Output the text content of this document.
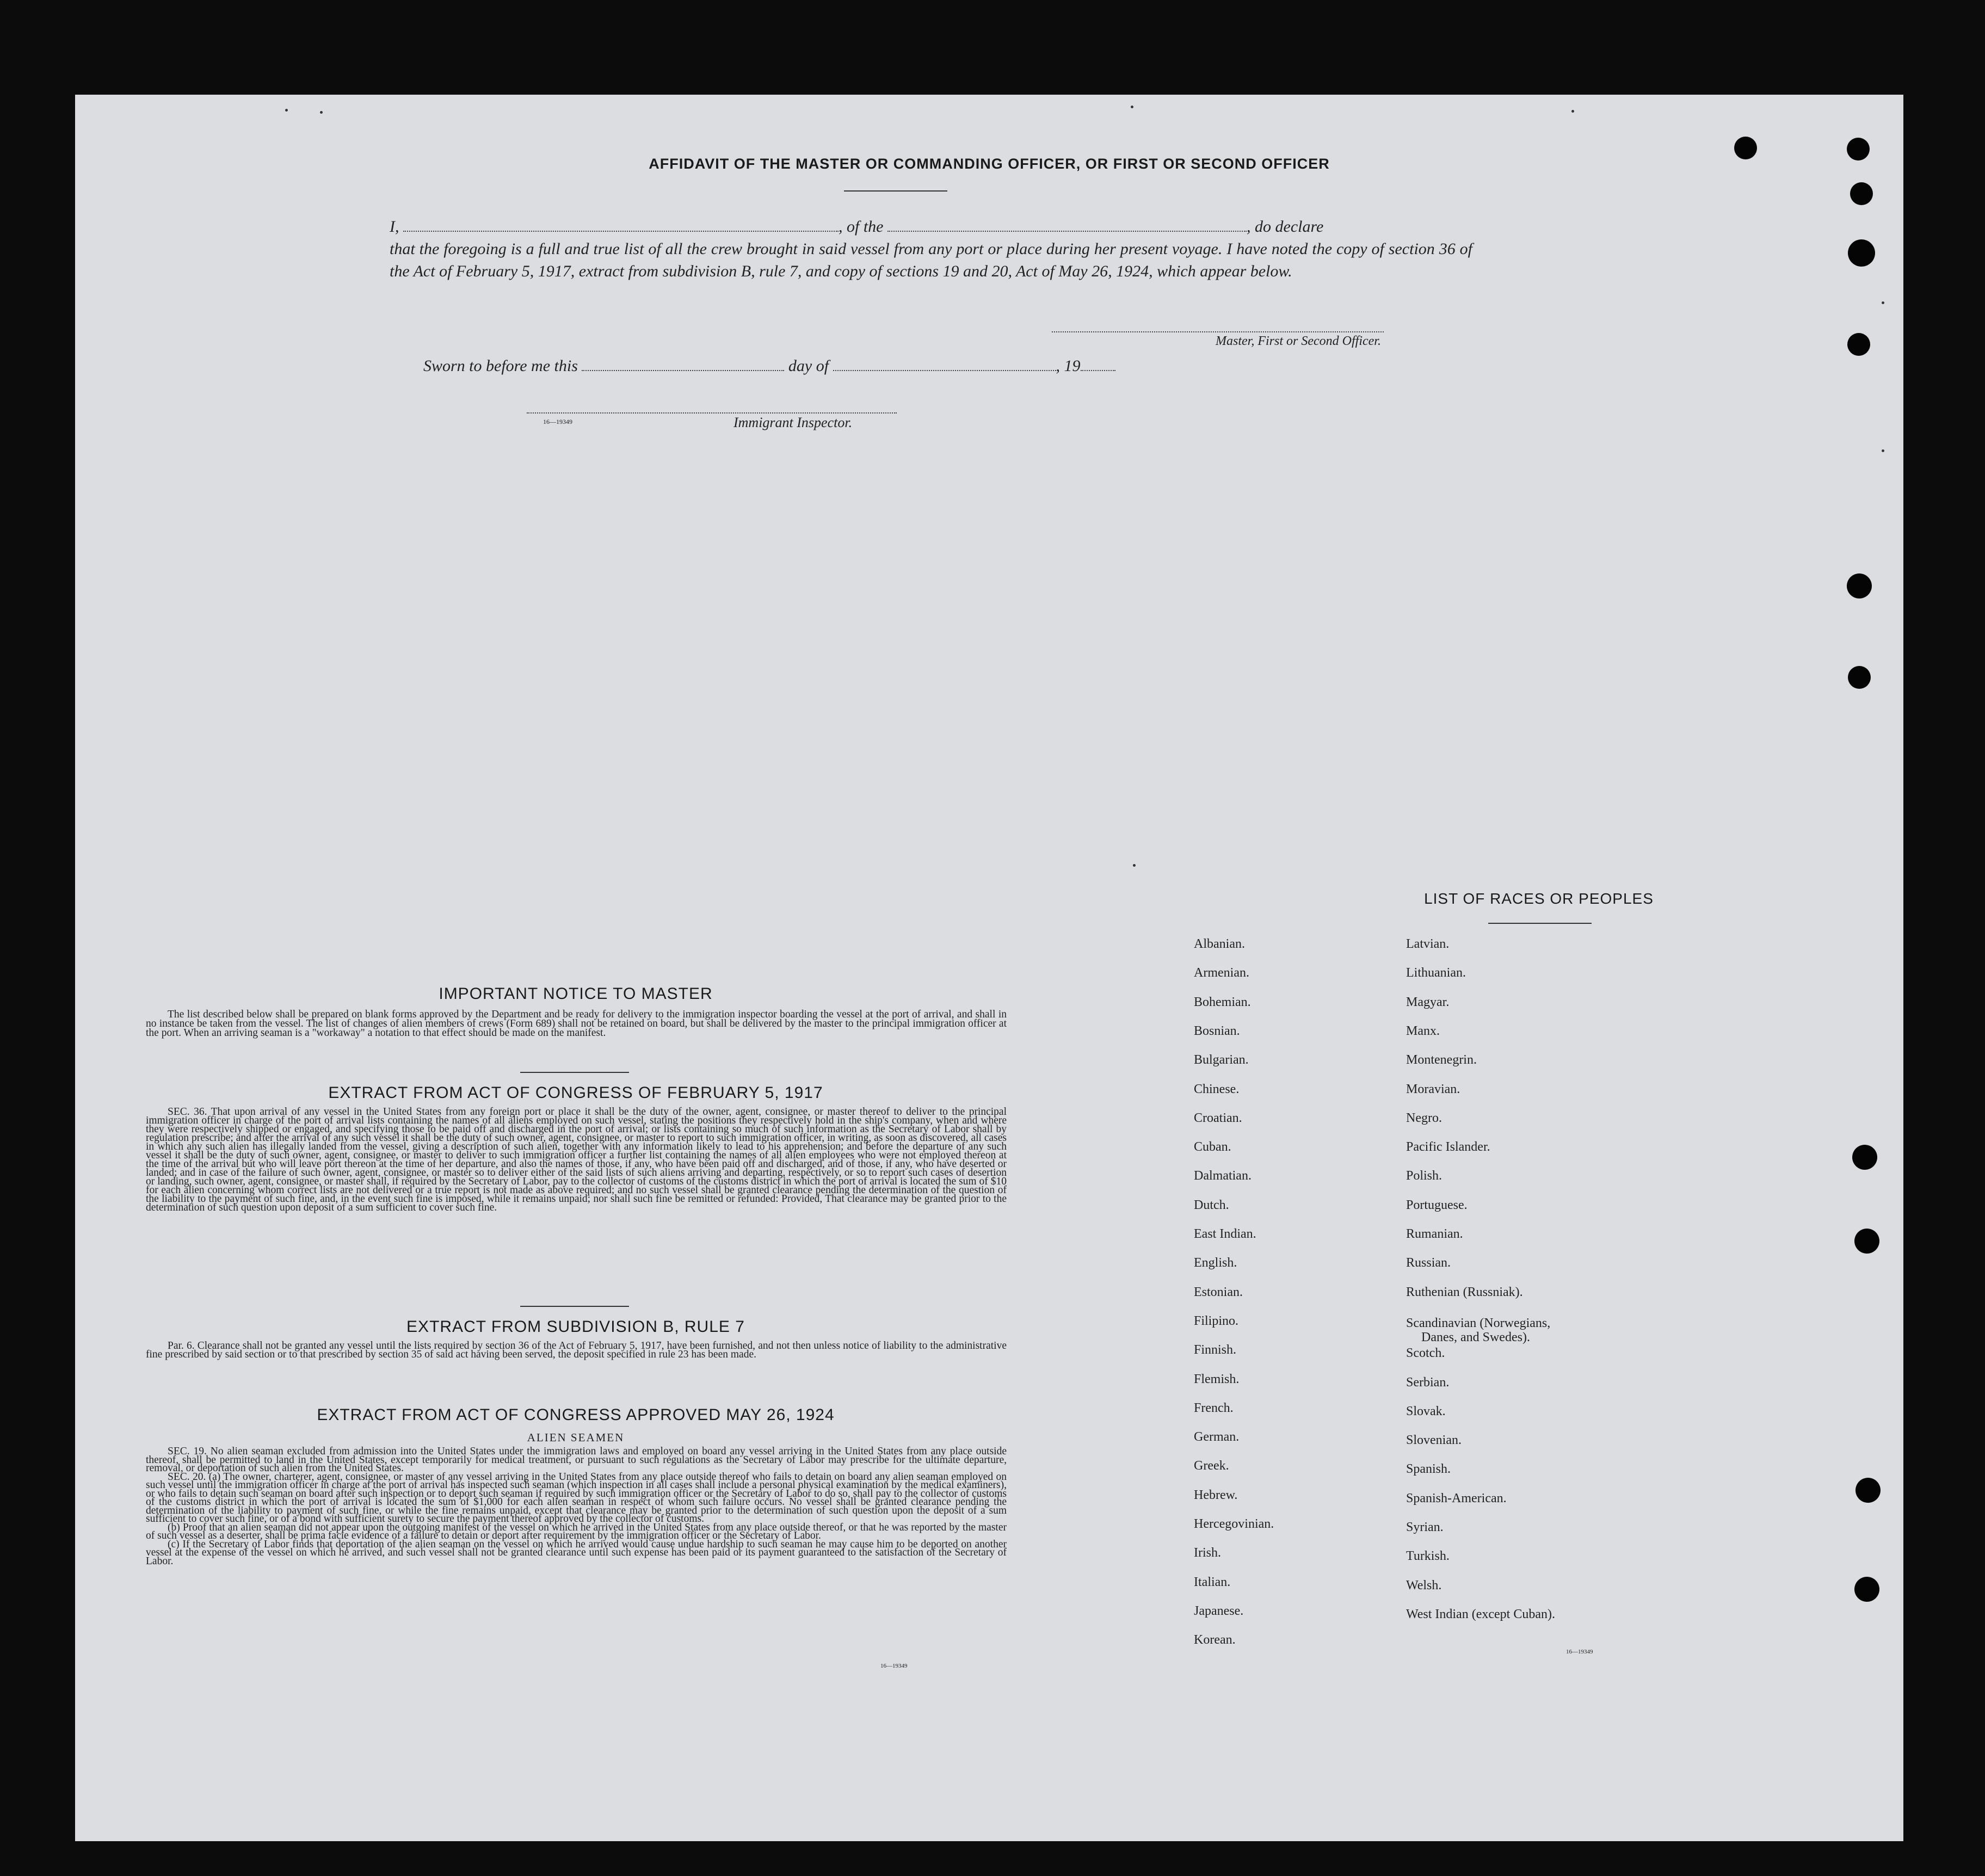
AFFIDAVIT OF THE MASTER OR COMMANDING OFFICER, OR FIRST OR SECOND OFFICER
I,	, of the	, do declare
that the foregoing is a full and true list of all the crew brought in said vessel from any port or place during her present voyage. I have noted the copy of section 36 of the Act of February 5, 1917, extract from subdivision B, rule 7, and copy of sections 19 and 20, Act of May 26, 1924, which appear below.
Master, First or Second Officer.
Sworn to before me this	day of	, 19
16—19349	Immigrant Inspector.
IMPORTANT NOTICE TO MASTER
The list described below shall be prepared on blank forms approved by the Department and be ready for delivery to the immigration inspector boarding the vessel at the port of arrival, and shall in no instance be taken from the vessel. The list of changes of alien members of crews (Form 689) shall not be retained on board, but shall be delivered by the master to the principal immigration officer at the port. When an arriving seaman is a "workaway" a notation to that effect should be made on the manifest.
EXTRACT FROM ACT OF CONGRESS OF FEBRUARY 5, 1917
SEC. 36. That upon arrival of any vessel in the United States from any foreign port or place it shall be the duty of the owner, agent, consignee, or master thereof to deliver to the principal immigration officer in charge of the port of arrival lists containing the names of all aliens employed on such vessel, stating the positions they respectively hold in the ship's company, when and where they were respectively shipped or engaged, and specifying those to be paid off and discharged in the port of arrival; or lists containing so much of such information as the Secretary of Labor shall by regulation prescribe; and after the arrival of any such vessel it shall be the duty of such owner, agent, consignee, or master to report to such immigration officer, in writing, as soon as discovered, all cases in which any such alien has illegally landed from the vessel, giving a description of such alien, together with any information likely to lead to his apprehension; and before the departure of any such vessel it shall be the duty of such owner, agent, consignee, or master to deliver to such immigration officer a further list containing the names of all alien employees who were not employed thereon at the time of the arrival but who will leave port thereon at the time of her departure, and also the names of those, if any, who have been paid off and discharged, and of those, if any, who have deserted or landed; and in case of the failure of such owner, agent, consignee, or master so to deliver either of the said lists of such aliens arriving and departing, respectively, or so to report such cases of desertion or landing, such owner, agent, consignee, or master shall, if required by the Secretary of Labor, pay to the collector of customs of the customs district in which the port of arrival is located the sum of $10 for each alien concerning whom correct lists are not delivered or a true report is not made as above required; and no such vessel shall be granted clearance pending the determination of the question of the liability to the payment of such fine, and, in the event such fine is imposed, while it remains unpaid; nor shall such fine be remitted or refunded: Provided, That clearance may be granted prior to the determination of such question upon deposit of a sum sufficient to cover such fine.
EXTRACT FROM SUBDIVISION B, RULE 7
Par. 6. Clearance shall not be granted any vessel until the lists required by section 36 of the Act of February 5, 1917, have been furnished, and not then unless notice of liability to the administrative fine prescribed by said section or to that prescribed by section 35 of said act having been served, the deposit specified in rule 23 has been made.
EXTRACT FROM ACT OF CONGRESS APPROVED MAY 26, 1924
ALIEN SEAMEN

SEC. 19. No alien seaman excluded from admission into the United States under the immigration laws and employed on board any vessel arriving in the United States from any place outside thereof, shall be permitted to land in the United States, except temporarily for medical treatment, or pursuant to such regulations as the Secretary of Labor may prescribe for the ultimate departure, removal, or deportation of such alien from the United States.

SEC. 20. (a) The owner, charterer, agent, consignee, or master of any vessel arriving in the United States from any place outside thereof who fails to detain on board any alien seaman employed on such vessel until the immigration officer in charge at the port of arrival has inspected such seaman (which inspection in all cases shall include a personal physical examination by the medical examiners), or who fails to detain such seaman on board after such inspection or to deport such seaman if required by such immigration officer or the Secretary of Labor to do so, shall pay to the collector of customs of the customs district in which the port of arrival is located the sum of $1,000 for each alien seaman in respect of whom such failure occurs. No vessel shall be granted clearance pending the determination of the liability to payment of such fine, or while the fine remains unpaid, except that clearance may be granted prior to the determination of such question upon the deposit of a sum sufficient to cover such fine, or of a bond with sufficient surety to secure the payment thereof approved by the collector of customs.

(b) Proof that an alien seaman did not appear upon the outgoing manifest of the vessel on which he arrived in the United States from any place outside thereof, or that he was reported by the master of such vessel as a deserter, shall be prima facie evidence of a failure to detain or deport after requirement by the immigration officer or the Secretary of Labor.

(c) If the Secretary of Labor finds that deportation of the alien seaman on the vessel on which he arrived would cause undue hardship to such seaman he may cause him to be deported on another vessel at the expense of the vessel on which he arrived, and such vessel shall not be granted clearance until such expense has been paid or its payment guaranteed to the satisfaction of the Secretary of Labor.

16—19349
LIST OF RACES OR PEOPLES
Albanian.
Armenian.
Bohemian.
Bosnian.
Bulgarian.
Chinese.
Croatian.
Cuban.
Dalmatian.
Dutch.
East Indian.
English.
Estonian.
Filipino.
Finnish.
Flemish.
French.
German.
Greek.
Hebrew.
Hercegovinian.
Irish.
Italian.
Japanese.
Korean.
Latvian.
Lithuanian.
Magyar.
Manx.
Montenegrin.
Moravian.
Negro.
Pacific Islander.
Polish.
Portuguese.
Rumanian.
Russian.
Ruthenian (Russniak).
Scandinavian (Norwegians,
Danes, and Swedes).
Scotch.
Serbian.
Slovak.
Slovenian.
Spanish.
Spanish-American.
Syrian.
Turkish.
Welsh.
West Indian (except Cuban).
16—19349
